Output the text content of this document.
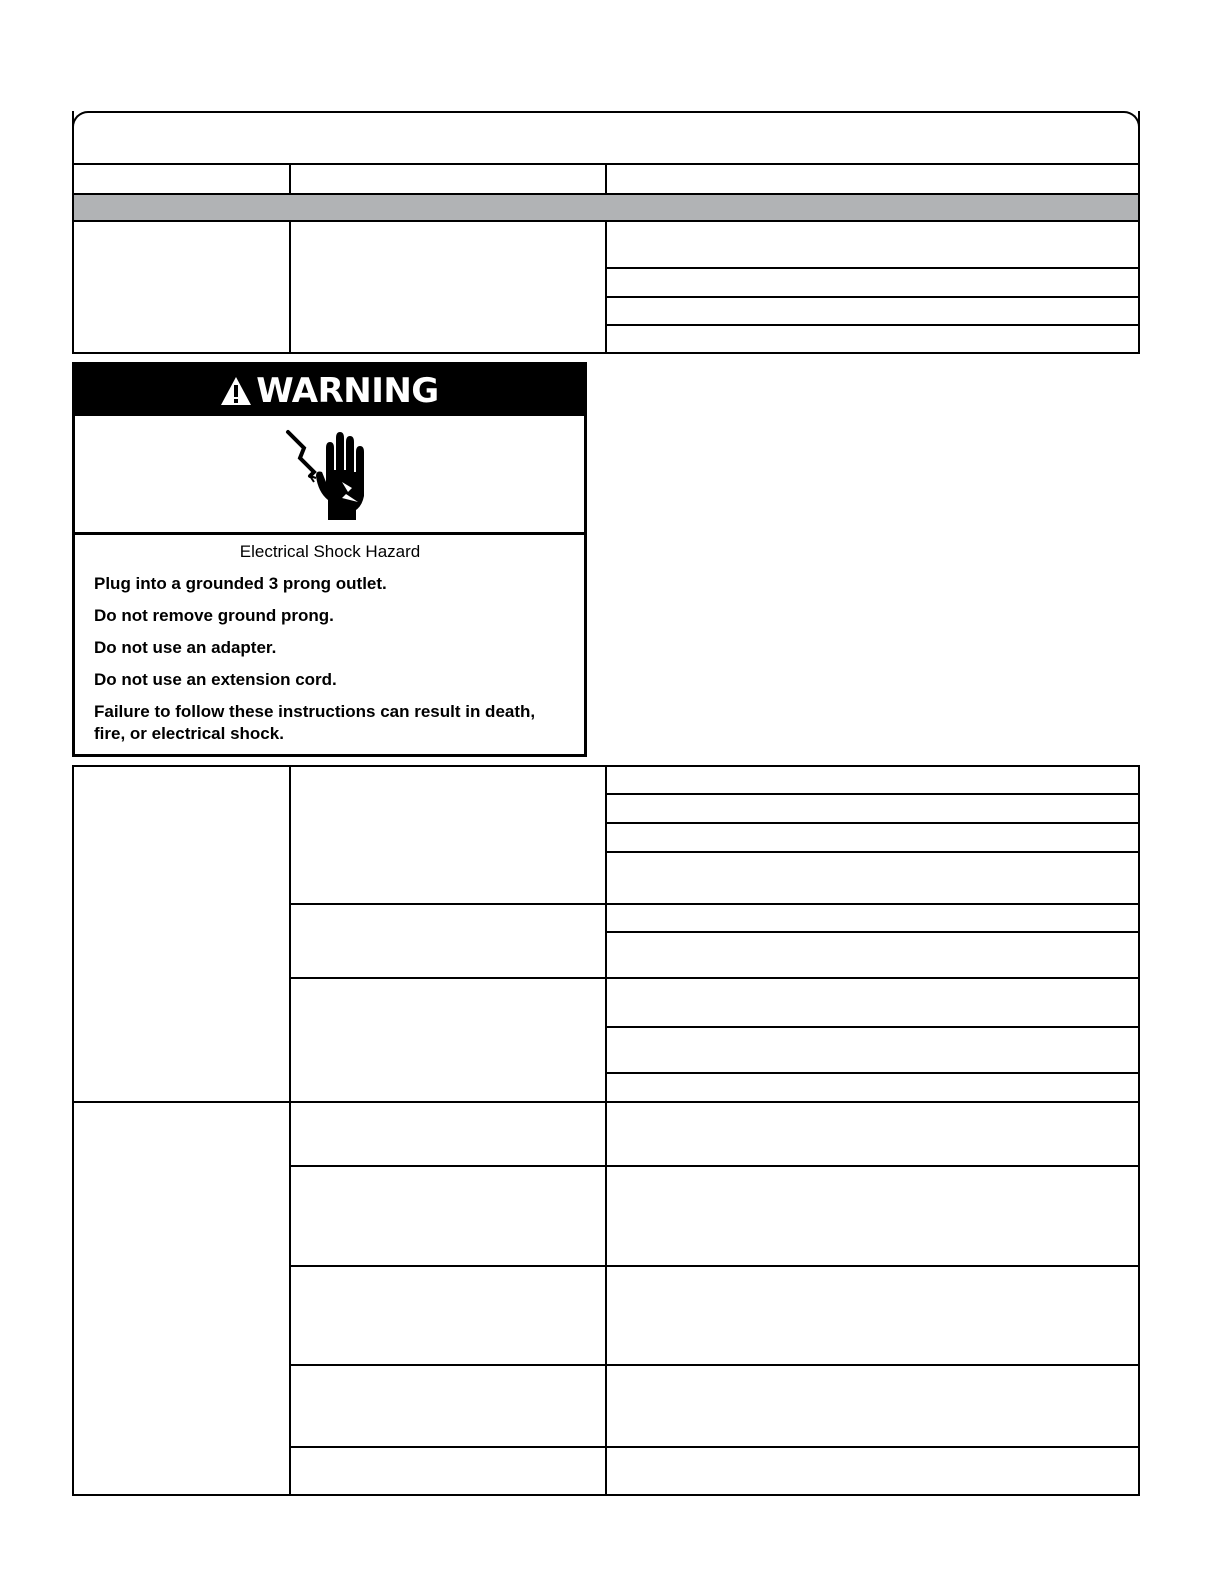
WARNING
Electrical Shock Hazard

Plug into a grounded 3 prong outlet.

Do not remove ground prong.

Do not use an adapter.

Do not use an extension cord.

Failure to follow these instructions can result in death, fire, or electrical shock.
